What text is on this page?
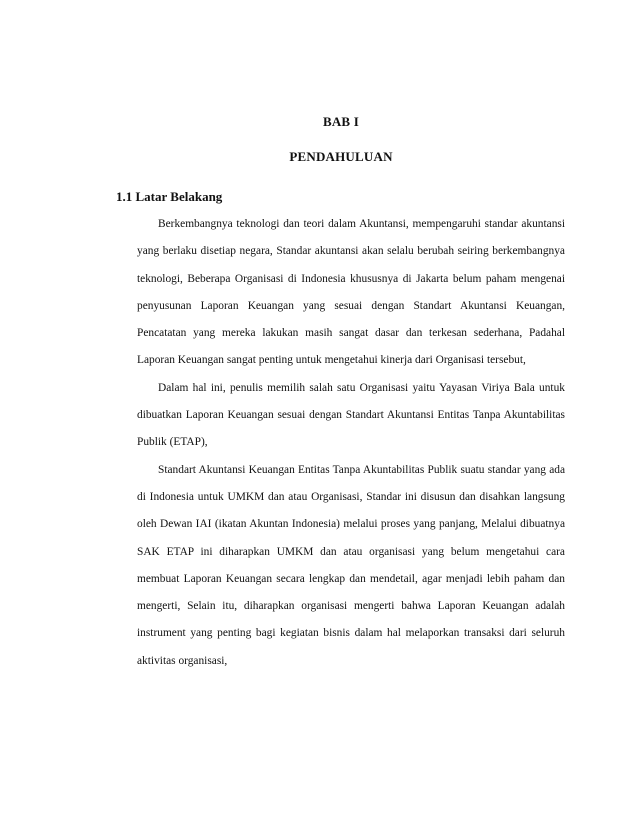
BAB I
PENDAHULUAN
1.1 Latar Belakang

Berkembangnya teknologi dan teori dalam Akuntansi, mempengaruhi standar akuntansi yang berlaku disetiap negara, Standar akuntansi akan selalu berubah seiring berkembangnya teknologi, Beberapa Organisasi di Indonesia khususnya di Jakarta belum paham mengenai penyusunan Laporan Keuangan yang sesuai dengan Standart Akuntansi Keuangan, Pencatatan yang mereka lakukan masih sangat dasar dan terkesan sederhana, Padahal Laporan Keuangan sangat penting untuk mengetahui kinerja dari Organisasi tersebut,

Dalam hal ini, penulis memilih salah satu Organisasi yaitu Yayasan Viriya Bala untuk dibuatkan Laporan Keuangan sesuai dengan Standart Akuntansi Entitas Tanpa Akuntabilitas Publik (ETAP),

Standart Akuntansi Keuangan Entitas Tanpa Akuntabilitas Publik suatu standar yang ada di Indonesia untuk UMKM dan atau Organisasi, Standar ini disusun dan disahkan langsung oleh Dewan IAI (ikatan Akuntan Indonesia) melalui proses yang panjang, Melalui dibuatnya SAK ETAP ini diharapkan UMKM dan atau organisasi yang belum mengetahui cara membuat Laporan Keuangan secara lengkap dan mendetail, agar menjadi lebih paham dan mengerti, Selain itu, diharapkan organisasi mengerti bahwa Laporan Keuangan adalah instrument yang penting bagi kegiatan bisnis dalam hal melaporkan transaksi dari seluruh aktivitas organisasi,
